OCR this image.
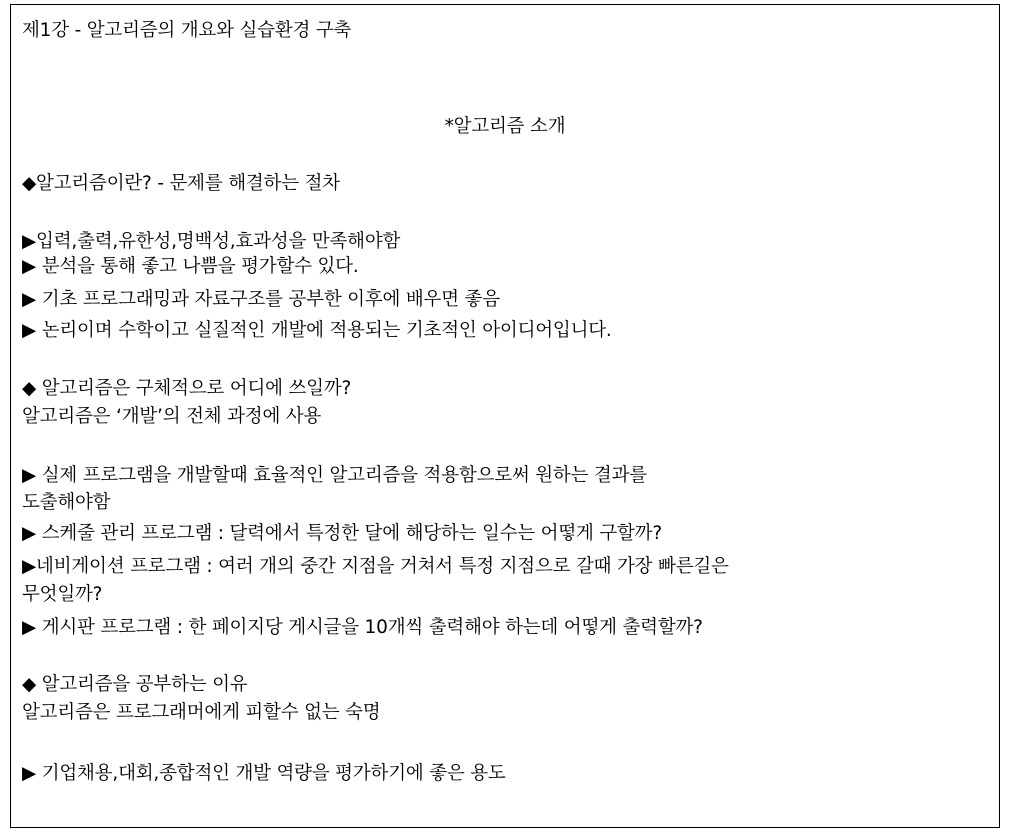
제1강 - 알고리즘의 개요와 실습환경 구축

*알고리즘 소개

◆알고리즘이란? - 문제를 해결하는 절차

▶입력,출력,유한성,명백성,효과성을 만족해야함

▶ 분석을 통해 좋고 나쁨을 평가할수 있다.

▶ 기초 프로그래밍과 자료구조를 공부한 이후에 배우면 좋음

▶ 논리이며 수학이고 실질적인 개발에 적용되는 기초적인 아이디어입니다.

◆ 알고리즘은 구체적으로 어디에 쓰일까?

알고리즘은 ‘개발’의 전체 과정에 사용

▶ 실제 프로그램을 개발할때 효율적인 알고리즘을 적용함으로써 원하는 결과를

도출해야함

▶ 스케줄 관리 프로그램 : 달력에서 특정한 달에 해당하는 일수는 어떻게 구할까?

▶네비게이션 프로그램 : 여러 개의 중간 지점을 거쳐서 특정 지점으로 갈때 가장 빠른길은

무엇일까?

▶ 게시판 프로그램 : 한 페이지당 게시글을 10개씩 출력해야 하는데 어떻게 출력할까?

◆ 알고리즘을 공부하는 이유

알고리즘은 프로그래머에게 피할수 없는 숙명

▶ 기업채용,대회,종합적인 개발 역량을 평가하기에 좋은 용도
